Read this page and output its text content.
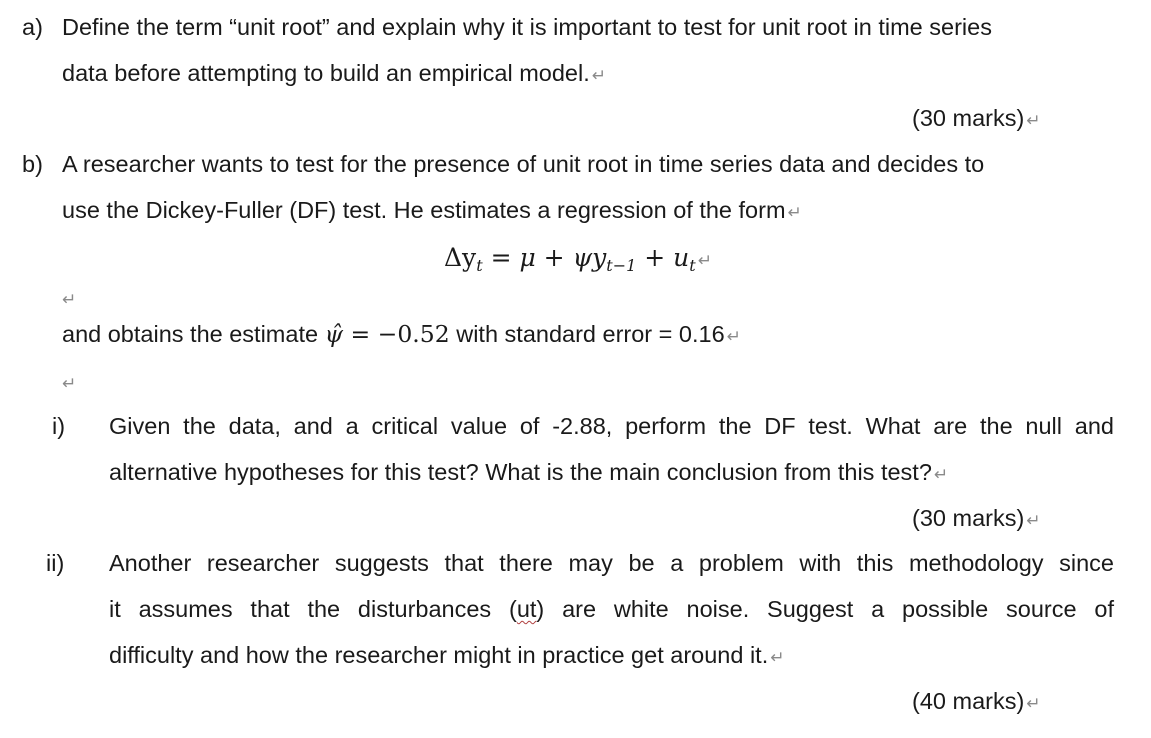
a) Define the term “unit root” and explain why it is important to test for unit root in time series
data before attempting to build an empirical model. ↵
(30 marks) ↵
b) A researcher wants to test for the presence of unit root in time series data and decides to
use the Dickey-Fuller (DF) test. He estimates a regression of the form ↵
$\Delta y_t = \mu + \psi y_{t-1} + u_t$ ↵
↵
and obtains the estimate ψ̂ = −0.52 with standard error = 0.16 ↵
↵
i) Given the data, and a critical value of -2.88, perform the DF test. What are the null and
alternative hypotheses for this test? What is the main conclusion from this test? ↵
(30 marks) ↵
ii) Another researcher suggests that there may be a problem with this methodology since
it assumes that the disturbances (ut) are white noise. Suggest a possible source of
difficulty and how the researcher might in practice get around it. ↵
(40 marks) ↵
